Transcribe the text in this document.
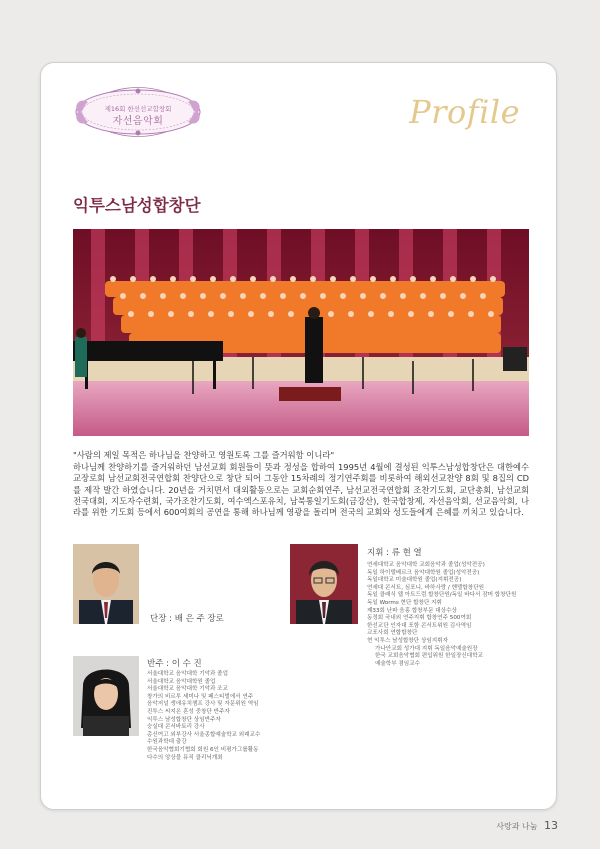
제16회 한선선교합창회
자선음악회	Profile
익투스남성합창단
"사람의 제일 목적은 하나님을 찬양하고 영원토록 그를 즐거워함 이니라"
하나님께 찬양하기를 즐거워하던 남선교회 회원들이 뜻과 정성을 합하여 1995년 4월에 결성된 익투스남성합창단은 대한예수교장로회 남선교회전국연합회 찬양단으로 창단 되어 그동안 15차례의 정기연주회를 비롯하여 해외선교찬양 8회 및 8집의 CD를 제작 발간 하였습니다. 20년을 거치면서 대외활동으로는 교회순회연주, 남선교전국연합회 조찬기도회, 교단총회, 남선교회 전국대회, 지도자수련회, 국가조찬기도회, 여수엑스포유치, 남북통일기도회(금강산), 한국합창제, 자선음악회, 선교음악회, 나라를 위한 기도회 등에서 600여회의 공연을 통해 하나님께 영광을 돌리며 전국의 교회와 성도들에게 은혜를 끼치고 있습니다.
단장 : 배 은 주 장로
지휘 : 류 현 열
연세대학교 음악대학 교회음악과 졸업(성악전공)
독일 하이델베르크 음악대학원 졸업(성악전공)
독일대학교 미술대학원 졸업(지휘전공)
연세대 콘서트, 심포니, 바하사랑 / 헨델합창단원
독일 클래식 웹 아트드럼 합창단원/독일 바다서 잠머 합창단원
독일 Worms 현단 합창단 지휘
제33회 난파 음홍 합창부문 대상수상
동정회 국내외 연주지휘 합창연주 500여회
한선교단 인자대 포함 콘서트위원 김사역임
교포사회 연합합창단
현 익투스 남성합창단 상임지휘자
가나안교회 성가대 지휘 독일음악예술원장
한국 교회음악협회 편입위원 한일장신대학교
예술학부 겸임교수
반주 : 이 수 진
서울대학교 음악대학 기악과 졸업
서울대학교 음악대학원 졸업
서울대학교 음악대학 기악과 조교
창가의 비르투 세미나 및 페스티벌에서 연주
음악저널 생애유치챔프 강사 및 자문위원 역임
진투스 씨지온 혼성 중창단 반주자
익투스 남성합창단 상임반주자
숭실대 콘서바토리 강사
총신여고 외부강사 서울종합예술학교 외래교수
수원과학대 출강
한국음악협회기협회 회원 6인 비평가그룹활동
다수의 앙상블 뮤직 클리닉개최
사랑과 나눔 13
